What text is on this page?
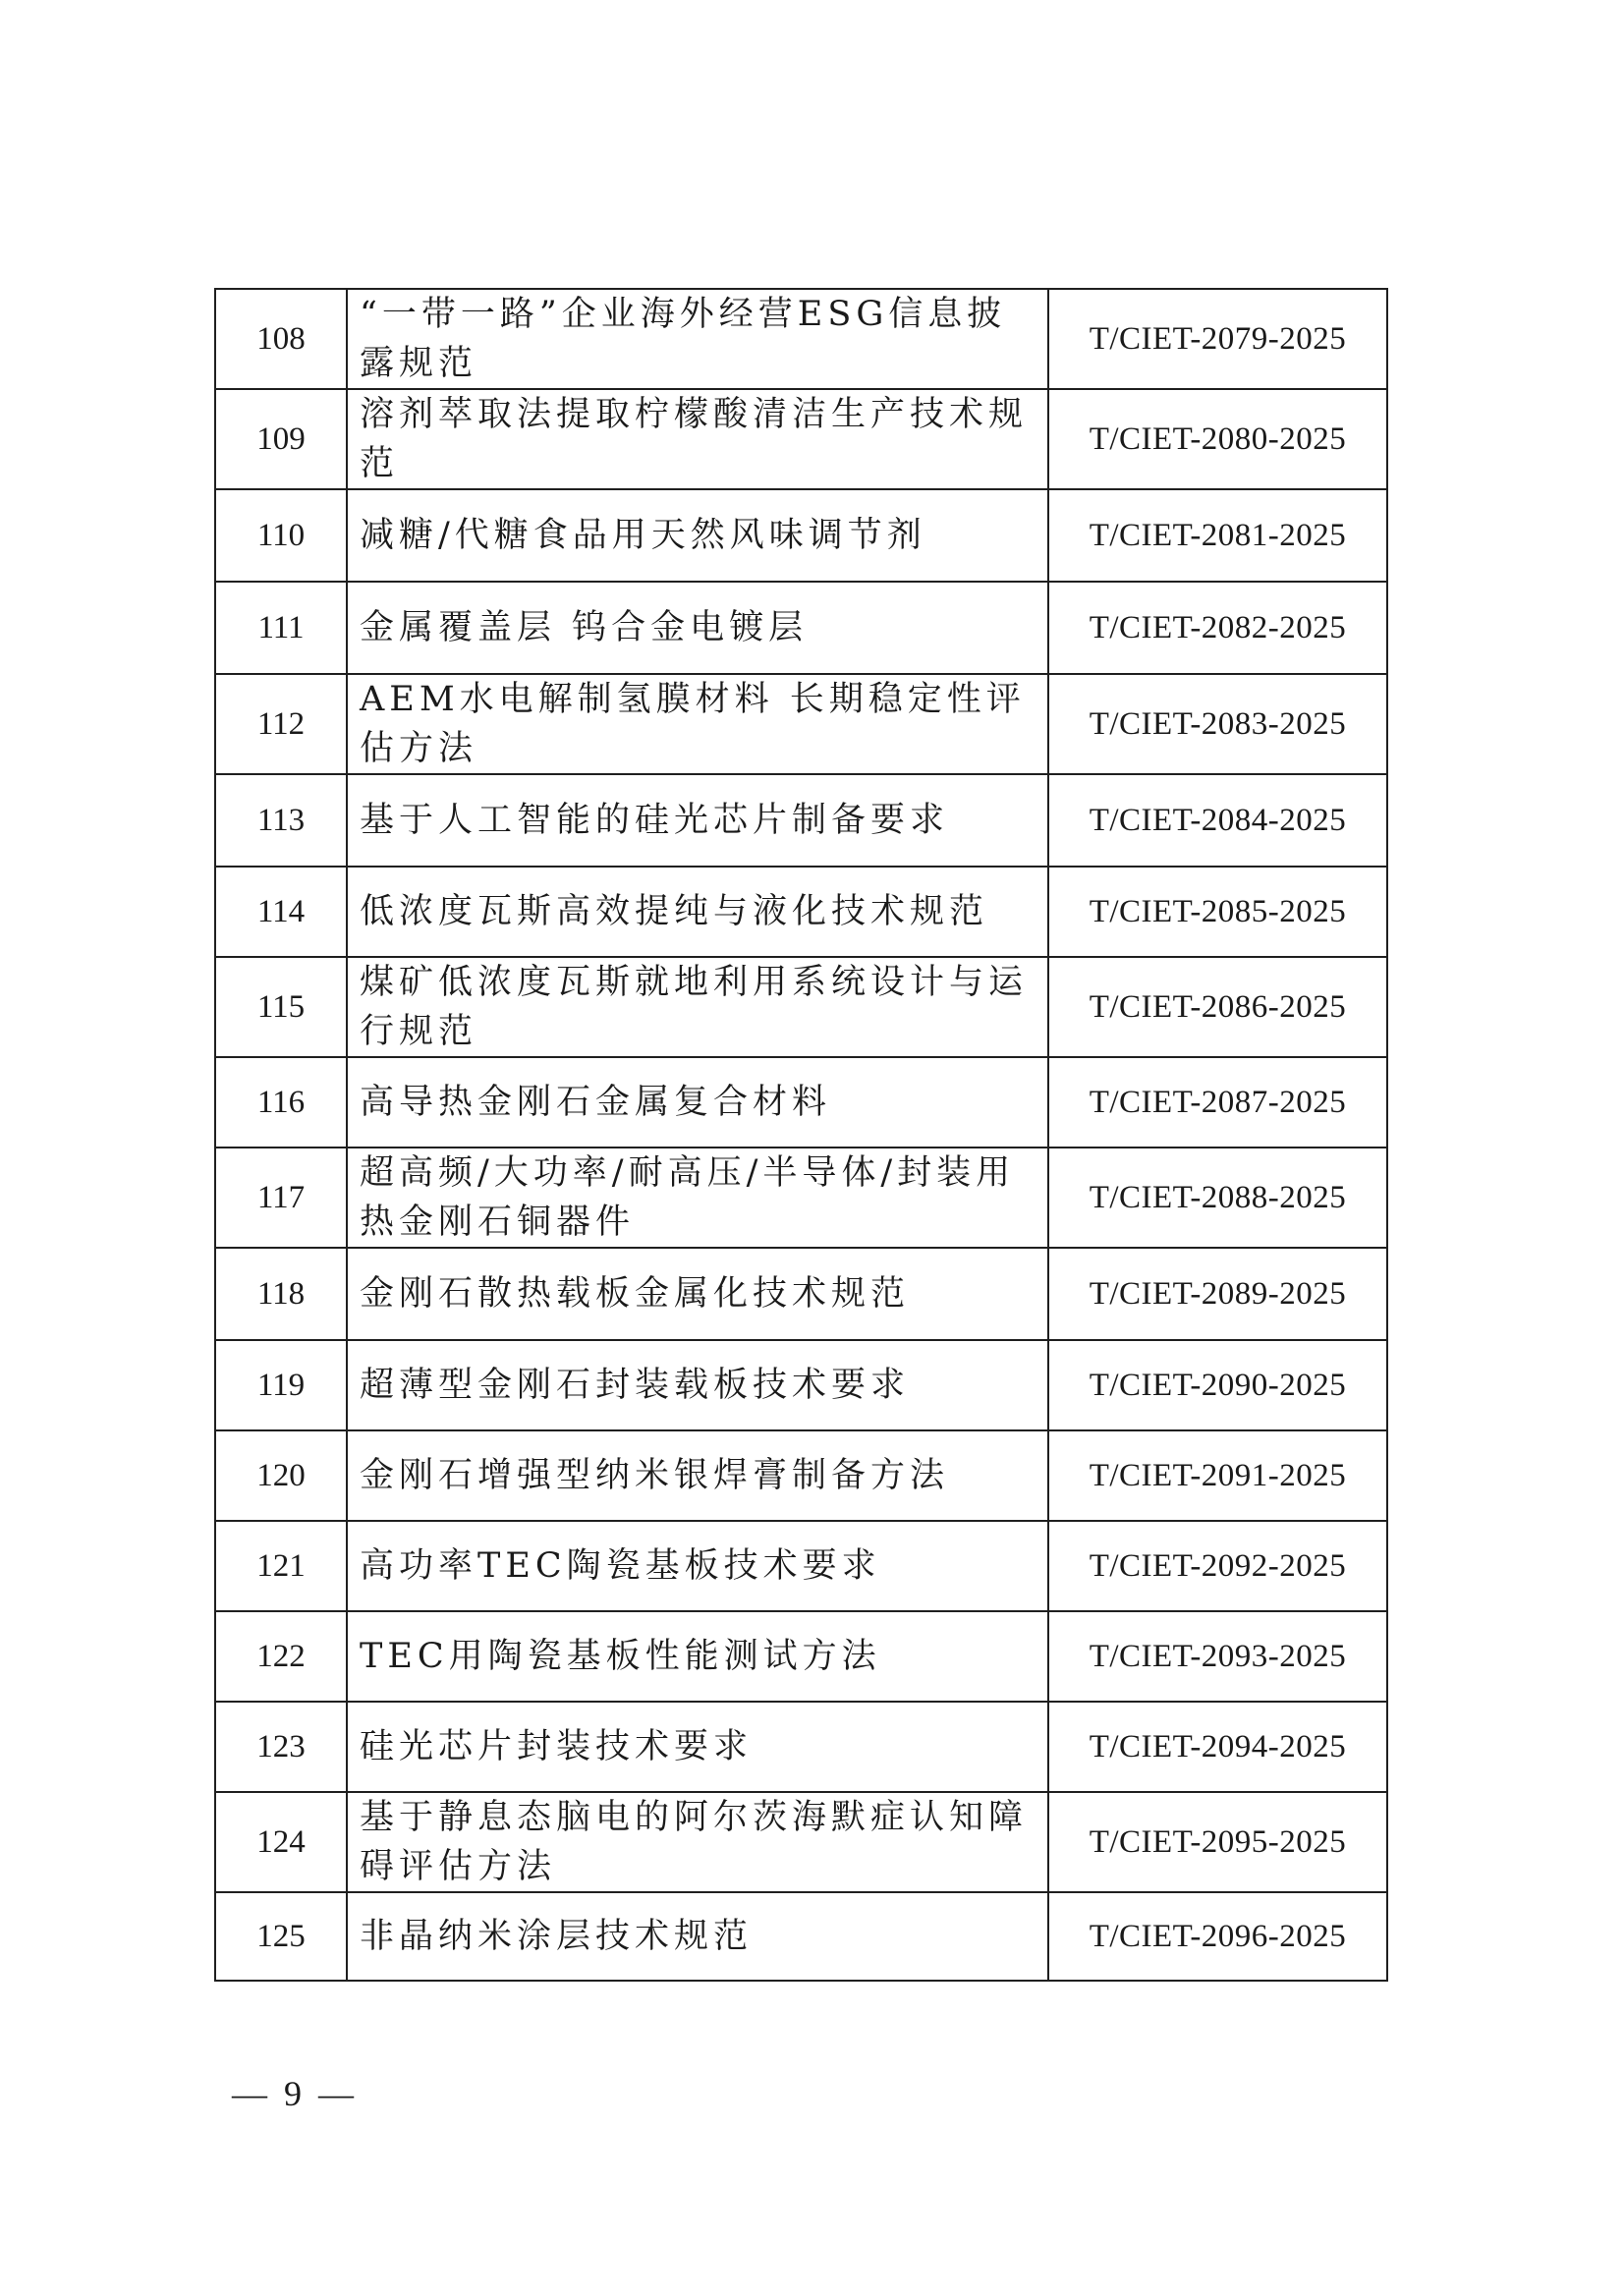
108	“一带一路”企业海外经营ESG信息披露规范	T/CIET-2079-2025
109	溶剂萃取法提取柠檬酸清洁生产技术规范	T/CIET-2080-2025
110	减糖/代糖食品用天然风味调节剂	T/CIET-2081-2025
111	金属覆盖层 钨合金电镀层	T/CIET-2082-2025
112	AEM水电解制氢膜材料 长期稳定性评估方法	T/CIET-2083-2025
113	基于人工智能的硅光芯片制备要求	T/CIET-2084-2025
114	低浓度瓦斯高效提纯与液化技术规范	T/CIET-2085-2025
115	煤矿低浓度瓦斯就地利用系统设计与运行规范	T/CIET-2086-2025
116	高导热金刚石金属复合材料	T/CIET-2087-2025
117	超高频/大功率/耐高压/半导体/封装用热金刚石铜器件	T/CIET-2088-2025
118	金刚石散热载板金属化技术规范	T/CIET-2089-2025
119	超薄型金刚石封装载板技术要求	T/CIET-2090-2025
120	金刚石增强型纳米银焊膏制备方法	T/CIET-2091-2025
121	高功率TEC陶瓷基板技术要求	T/CIET-2092-2025
122	TEC用陶瓷基板性能测试方法	T/CIET-2093-2025
123	硅光芯片封装技术要求	T/CIET-2094-2025
124	基于静息态脑电的阿尔茨海默症认知障碍评估方法	T/CIET-2095-2025
125	非晶纳米涂层技术规范	T/CIET-2096-2025
— 9 —
